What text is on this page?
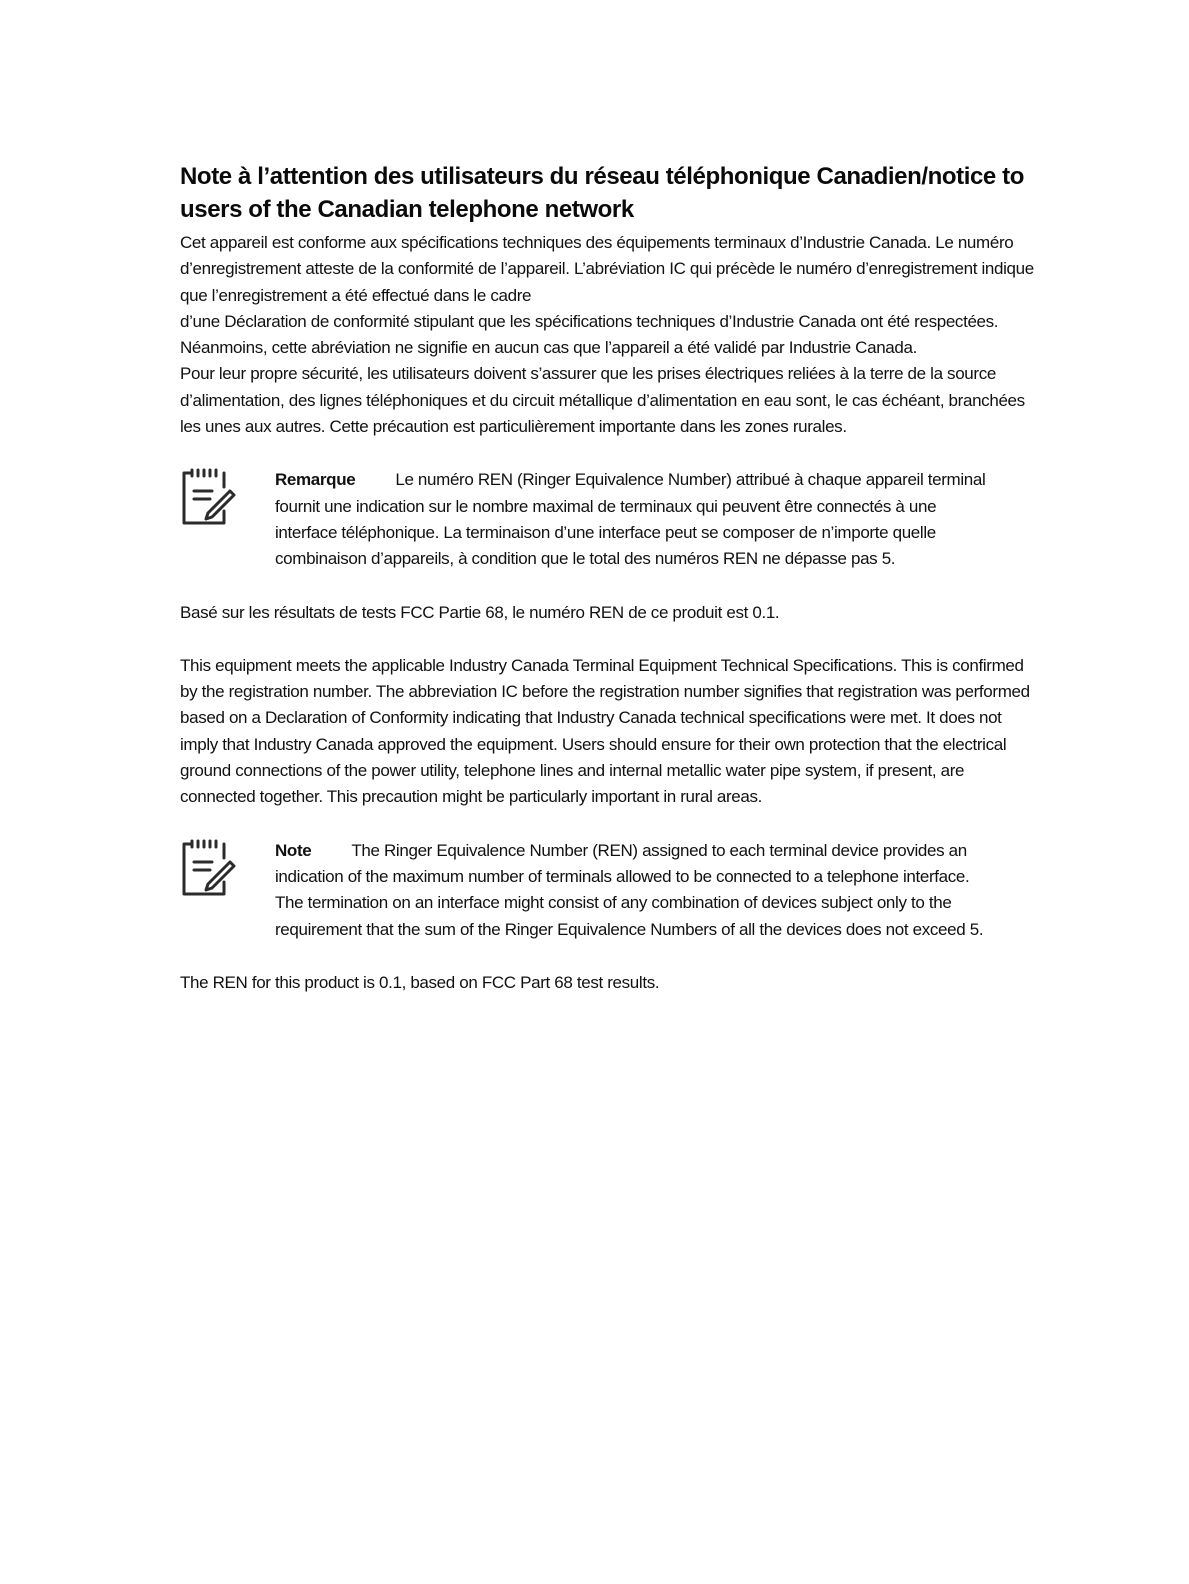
Note à l’attention des utilisateurs du réseau téléphonique Canadien/notice to users of the Canadian telephone network

Cet appareil est conforme aux spécifications techniques des équipements terminaux d’Industrie Canada. Le numéro d’enregistrement atteste de la conformité de l’appareil. L’abréviation IC qui précède le numéro d’enregistrement indique que l’enregistrement a été effectué dans le cadre

d’une Déclaration de conformité stipulant que les spécifications techniques d’Industrie Canada ont été respectées. Néanmoins, cette abréviation ne signifie en aucun cas que l’appareil a été validé par Industrie Canada.

Pour leur propre sécurité, les utilisateurs doivent s’assurer que les prises électriques reliées à la terre de la source d’alimentation, des lignes téléphoniques et du circuit métallique d’alimentation en eau sont, le cas échéant, branchées les unes aux autres. Cette précaution est particulièrement importante dans les zones rurales.

Remarque Le numéro REN (Ringer Equivalence Number) attribué à chaque appareil terminal fournit une indication sur le nombre maximal de terminaux qui peuvent être connectés à une interface téléphonique. La terminaison d’une interface peut se composer de n’importe quelle combinaison d’appareils, à condition que le total des numéros REN ne dépasse pas 5.

Basé sur les résultats de tests FCC Partie 68, le numéro REN de ce produit est 0.1.

This equipment meets the applicable Industry Canada Terminal Equipment Technical Specifications. This is confirmed by the registration number. The abbreviation IC before the registration number signifies that registration was performed based on a Declaration of Conformity indicating that Industry Canada technical specifications were met. It does not imply that Industry Canada approved the equipment. Users should ensure for their own protection that the electrical ground connections of the power utility, telephone lines and internal metallic water pipe system, if present, are connected together. This precaution might be particularly important in rural areas.

Note The Ringer Equivalence Number (REN) assigned to each terminal device provides an indication of the maximum number of terminals allowed to be connected to a telephone interface. The termination on an interface might consist of any combination of devices subject only to the requirement that the sum of the Ringer Equivalence Numbers of all the devices does not exceed 5.

The REN for this product is 0.1, based on FCC Part 68 test results.
